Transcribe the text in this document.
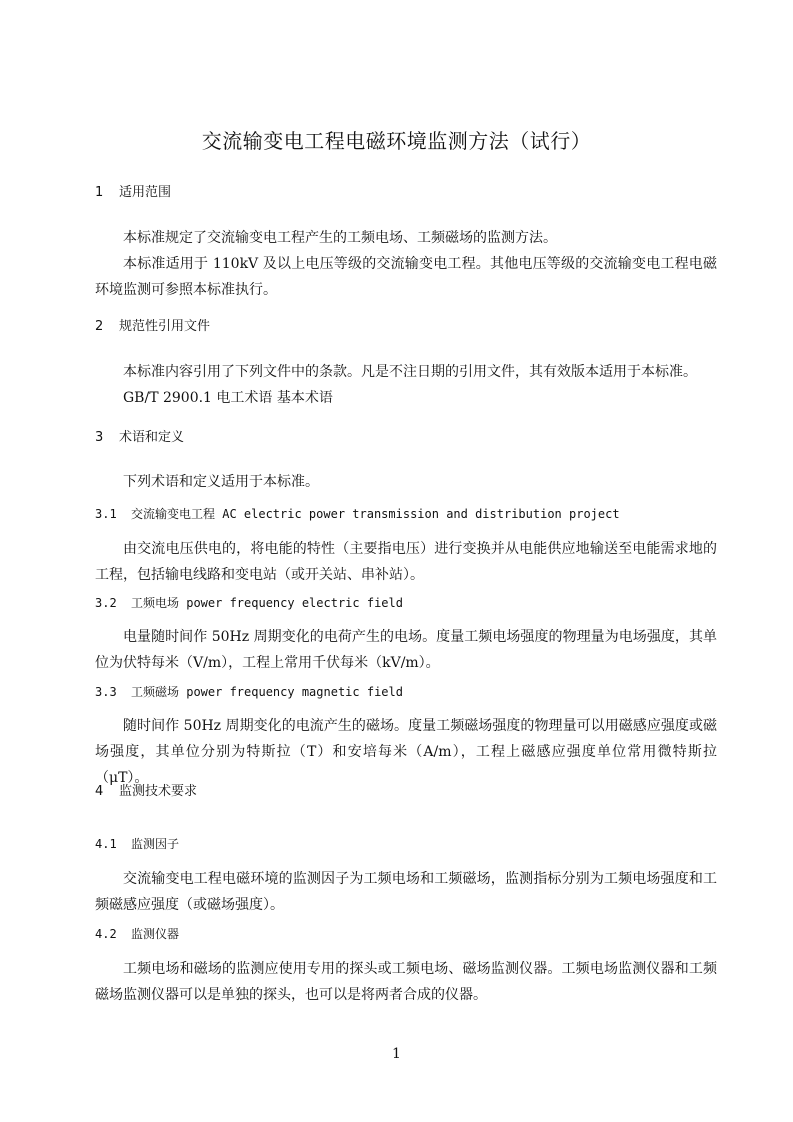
交流输变电工程电磁环境监测方法（试行）
1 适用范围
本标准规定了交流输变电工程产生的工频电场、工频磁场的监测方法。
本标准适用于 110kV 及以上电压等级的交流输变电工程。其他电压等级的交流输变电工程电磁环境监测可参照本标准执行。
2 规范性引用文件
本标准内容引用了下列文件中的条款。凡是不注日期的引用文件，其有效版本适用于本标准。
GB/T 2900.1 电工术语 基本术语
3 术语和定义
下列术语和定义适用于本标准。
3.1 交流输变电工程 AC electric power transmission and distribution project
由交流电压供电的，将电能的特性（主要指电压）进行变换并从电能供应地输送至电能需求地的工程，包括输电线路和变电站（或开关站、串补站）。
3.2 工频电场 power frequency electric field
电量随时间作 50Hz 周期变化的电荷产生的电场。度量工频电场强度的物理量为电场强度，其单位为伏特每米（V/m），工程上常用千伏每米（kV/m）。
3.3 工频磁场 power frequency magnetic field
随时间作 50Hz 周期变化的电流产生的磁场。度量工频磁场强度的物理量可以用磁感应强度或磁场强度，其单位分别为特斯拉（T）和安培每米（A/m），工程上磁感应强度单位常用微特斯拉（μT）。
4 监测技术要求
4.1 监测因子
交流输变电工程电磁环境的监测因子为工频电场和工频磁场，监测指标分别为工频电场强度和工频磁感应强度（或磁场强度）。
4.2 监测仪器
工频电场和磁场的监测应使用专用的探头或工频电场、磁场监测仪器。工频电场监测仪器和工频磁场监测仪器可以是单独的探头，也可以是将两者合成的仪器。
1
